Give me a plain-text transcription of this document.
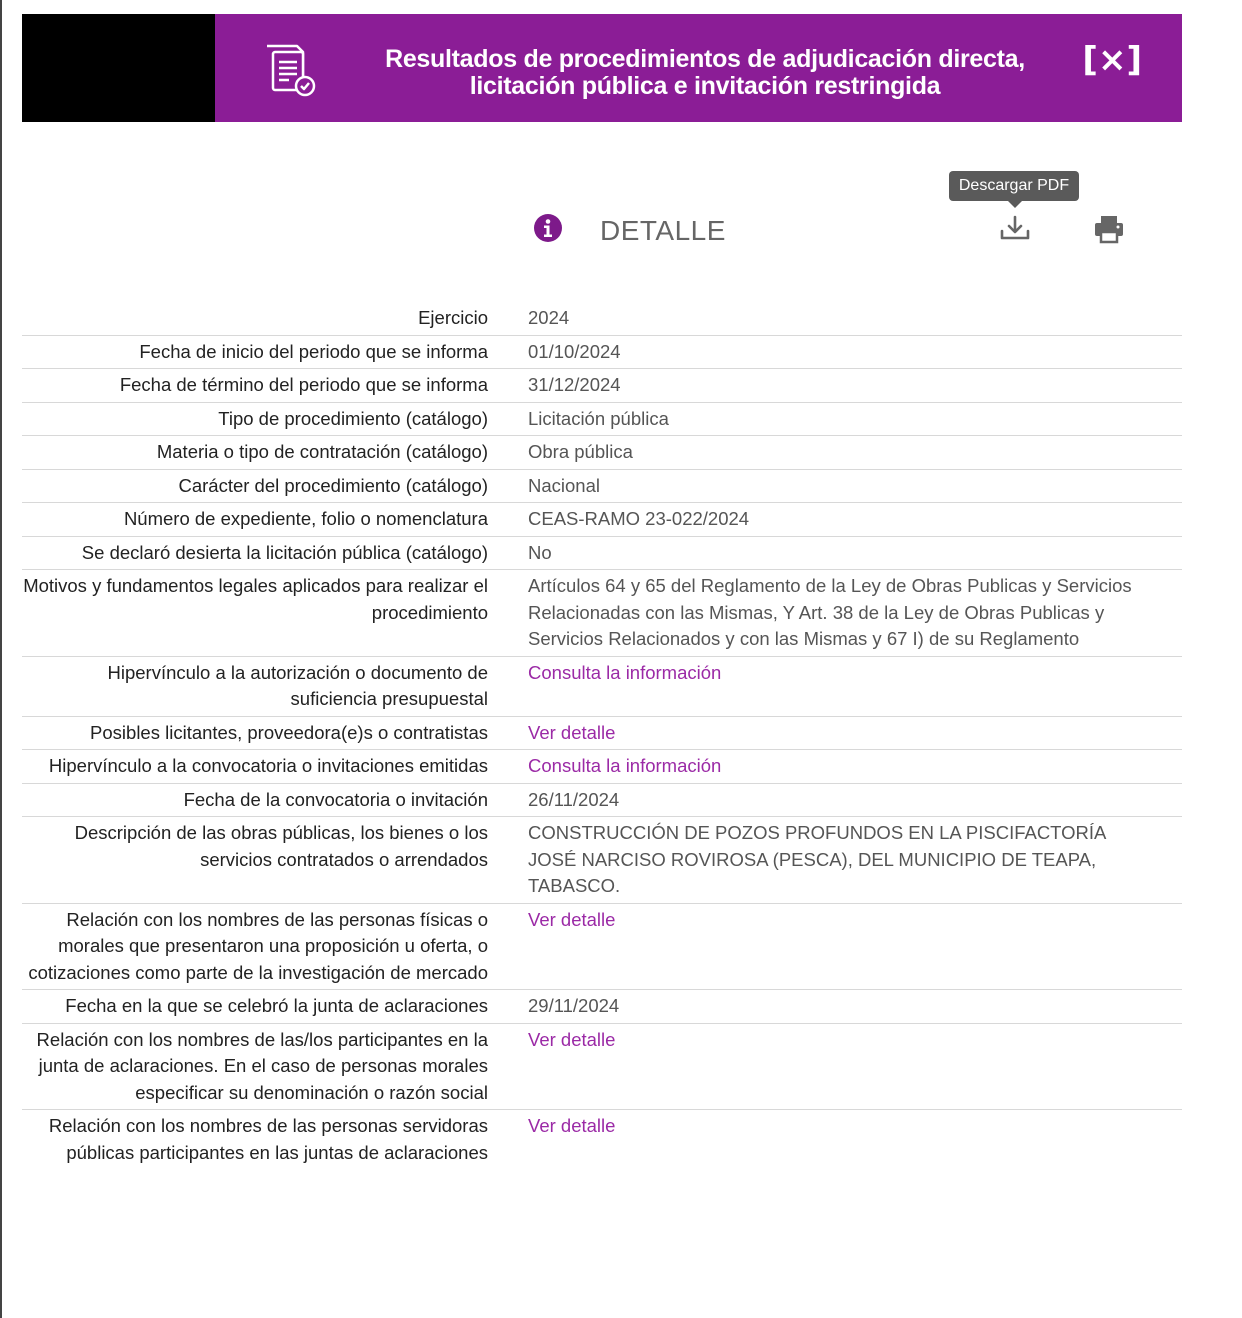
Resultados de procedimientos de adjudicación directa,
licitación pública e invitación restringida
[×]
DETALLE
Descargar PDF
Ejercicio	2024
Fecha de inicio del periodo que se informa	01/10/2024
Fecha de término del periodo que se informa	31/12/2024
Tipo de procedimiento (catálogo)	Licitación pública
Materia o tipo de contratación (catálogo)	Obra pública
Carácter del procedimiento (catálogo)	Nacional
Número de expediente, folio o nomenclatura	CEAS-RAMO 23-022/2024
Se declaró desierta la licitación pública (catálogo)	No
Motivos y fundamentos legales aplicados para realizar el procedimiento	Artículos 64 y 65 del Reglamento de la Ley de Obras Publicas y Servicios Relacionadas con las Mismas, Y Art. 38 de la Ley de Obras Publicas y Servicios Relacionados y con las Mismas y 67 I) de su Reglamento
Hipervínculo a la autorización o documento de suficiencia presupuestal	Consulta la información
Posibles licitantes, proveedora(e)s o contratistas	Ver detalle
Hipervínculo a la convocatoria o invitaciones emitidas	Consulta la información
Fecha de la convocatoria o invitación	26/11/2024
Descripción de las obras públicas, los bienes o los servicios contratados o arrendados	CONSTRUCCIÓN DE POZOS PROFUNDOS EN LA PISCIFACTORÍA JOSÉ NARCISO ROVIROSA (PESCA), DEL MUNICIPIO DE TEAPA, TABASCO.
Relación con los nombres de las personas físicas o morales que presentaron una proposición u oferta, o cotizaciones como parte de la investigación de mercado	Ver detalle
Fecha en la que se celebró la junta de aclaraciones	29/11/2024
Relación con los nombres de las/los participantes en la junta de aclaraciones. En el caso de personas morales especificar su denominación o razón social	Ver detalle
Relación con los nombres de las personas servidoras públicas participantes en las juntas de aclaraciones	Ver detalle
